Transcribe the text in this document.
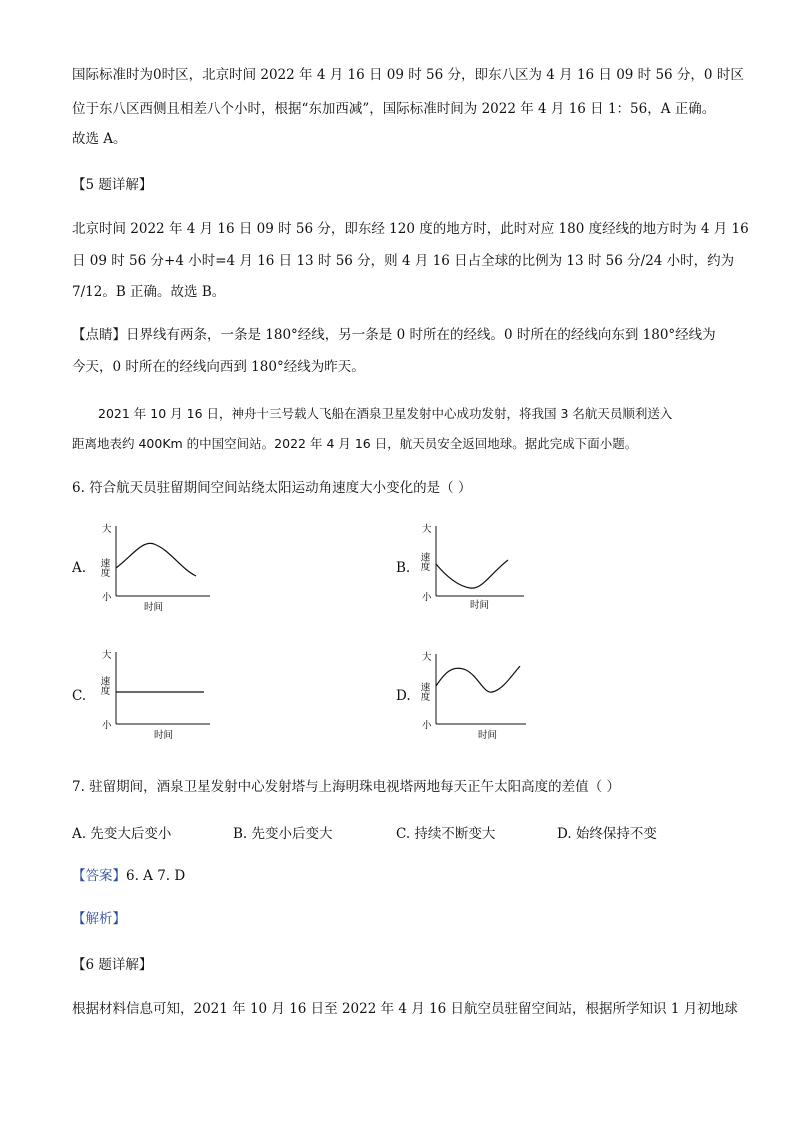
国际标准时为0时区，北京时间 2022 年 4 月 16 日 09 时 56 分，即东八区为 4 月 16 日 09 时 56 分，0 时区
位于东八区西侧且相差八个小时，根据“东加西减”，国际标准时间为 2022 年 4 月 16 日 1：56，A 正确。
故选 A。
【5 题详解】
北京时间 2022 年 4 月 16 日 09 时 56 分，即东经 120 度的地方时，此时对应 180 度经线的地方时为 4 月 16
日 09 时 56 分+4 小时=4 月 16 日 13 时 56 分，则 4 月 16 日占全球的比例为 13 时 56 分/24 小时，约为
7/12。B 正确。故选 B。
【点睛】日界线有两条，一条是 180°经线，另一条是 0 时所在的经线。0 时所在的经线向东到 180°经线为
今天，0 时所在的经线向西到 180°经线为昨天。
2021 年 10 月 16 日，神舟十三号载人飞船在酒泉卫星发射中心成功发射，将我国 3 名航天员顺利送入
距离地表约 400Km 的中国空间站。2022 年 4 月 16 日，航天员安全返回地球。据此完成下面小题。
6. 符合航天员驻留期间空间站绕太阳运动角速度大小变化的是（ ）
A.
大
小
速度
时间
B.
大
小
速度
时间
C.
大
小
速度
时间
D.
大
小
速度
时间
7. 驻留期间，酒泉卫星发射中心发射塔与上海明珠电视塔两地每天正午太阳高度的差值（ ）
A. 先变大后变小	B. 先变小后变大	C. 持续不断变大	D. 始终保持不变
【答案】6. A 7. D
【解析】
【6 题详解】
根据材料信息可知，2021 年 10 月 16 日至 2022 年 4 月 16 日航空员驻留空间站，根据所学知识 1 月初地球
